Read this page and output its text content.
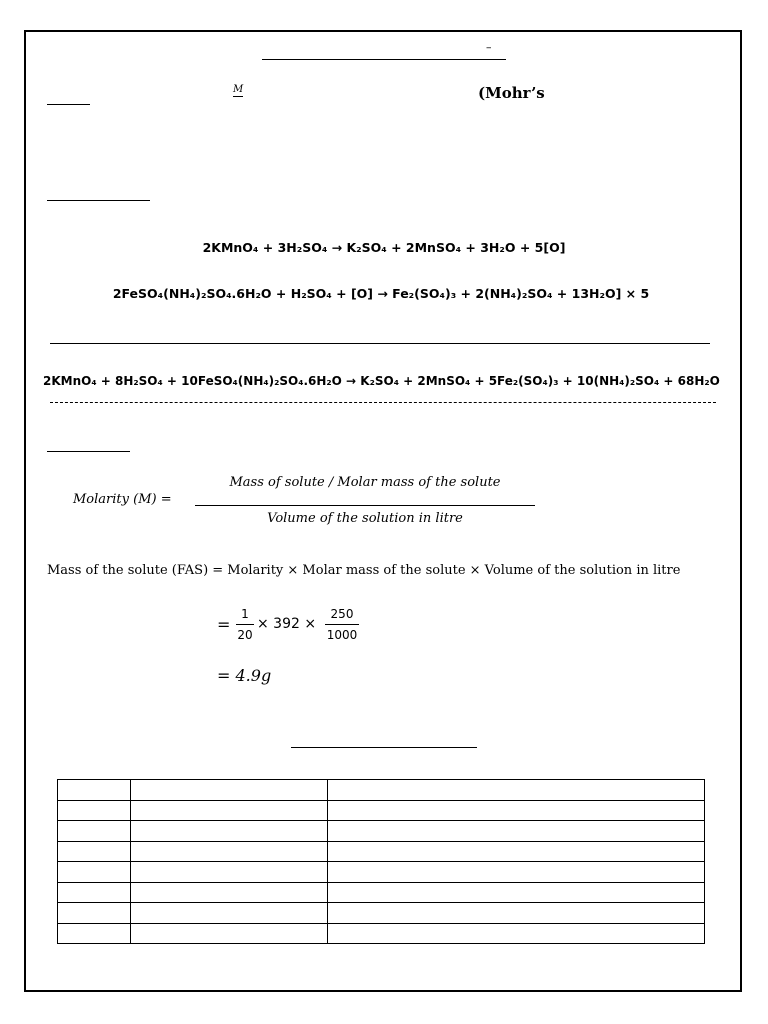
–
M	(Mohr’s
2KMnO₄ + 3H₂SO₄ → K₂SO₄ + 2MnSO₄ + 3H₂O + 5[O]
2FeSO₄(NH₄)₂SO₄.6H₂O + H₂SO₄ + [O] → Fe₂(SO₄)₃ + 2(NH₄)₂SO₄ + 13H₂O] × 5
2KMnO₄ + 8H₂SO₄ + 10FeSO₄(NH₄)₂SO₄.6H₂O → K₂SO₄ + 2MnSO₄ + 5Fe₂(SO₄)₃ + 10(NH₄)₂SO₄ + 68H₂O
Molarity (M) =
Mass of solute / Molar mass of the solute
Volume of the solution in litre
Mass of the solute (FAS) = Molarity × Molar mass of the solute × Volume of the solution in litre
=
1
20
× 392 ×
250
1000
= 4.9g
